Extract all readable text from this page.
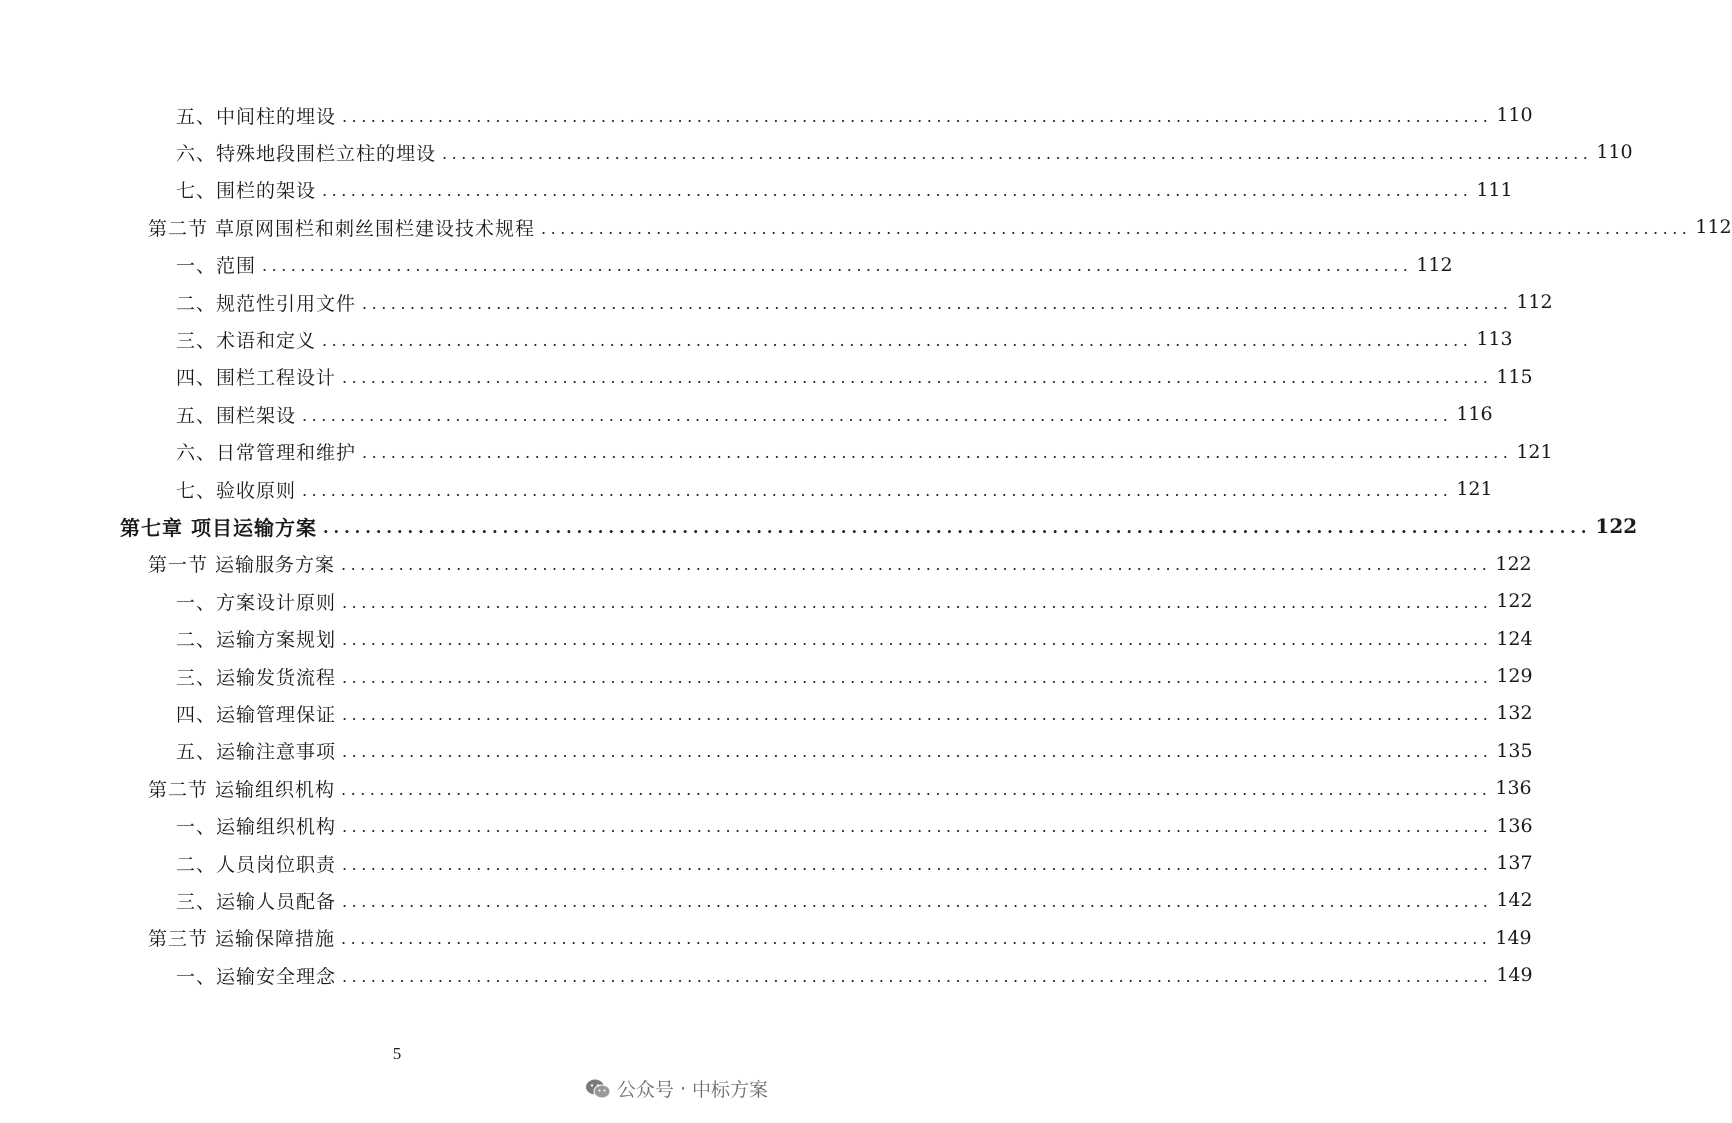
五、中间柱的埋设 ........................................................................................................................ 110
六、特殊地段围栏立柱的埋设 ........................................................................................................................ 110
七、围栏的架设 ........................................................................................................................ 111
第二节 草原网围栏和刺丝围栏建设技术规程 ........................................................................................................................ 112
一、范围 ........................................................................................................................ 112
二、规范性引用文件 ........................................................................................................................ 112
三、术语和定义 ........................................................................................................................ 113
四、围栏工程设计 ........................................................................................................................ 115
五、围栏架设 ........................................................................................................................ 116
六、日常管理和维护 ........................................................................................................................ 121
七、验收原则 ........................................................................................................................ 121
第七章 项目运输方案 ........................................................................................................................ 122
第一节 运输服务方案 ........................................................................................................................ 122
一、方案设计原则 ........................................................................................................................ 122
二、运输方案规划 ........................................................................................................................ 124
三、运输发货流程 ........................................................................................................................ 129
四、运输管理保证 ........................................................................................................................ 132
五、运输注意事项 ........................................................................................................................ 135
第二节 运输组织机构 ........................................................................................................................ 136
一、运输组织机构 ........................................................................................................................ 136
二、人员岗位职责 ........................................................................................................................ 137
三、运输人员配备 ........................................................................................................................ 142
第三节 运输保障措施 ........................................................................................................................ 149
一、运输安全理念 ........................................................................................................................ 149
5
公众号 · 中标方案
